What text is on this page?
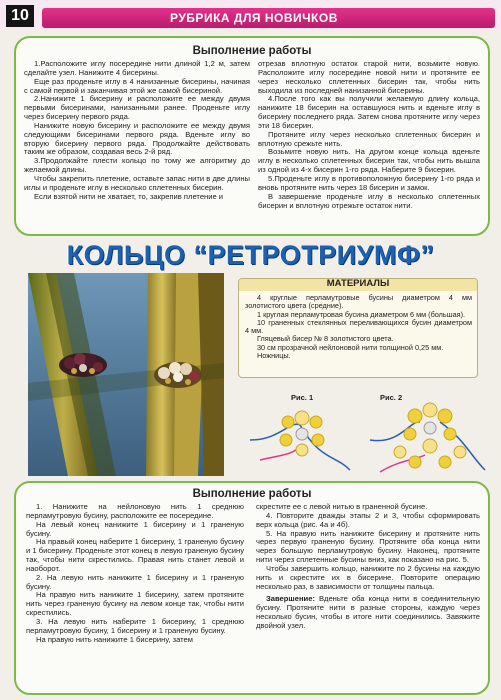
10	РУБРИКА ДЛЯ НОВИЧКОВ
Выполнение работы

1.Расположите иглу посередине нити длиной 1,2 м, затем сделайте узел. Нанижите 4 бисерины.

Еще раз проденьте иглу в 4 нанизанные бисерины, начиная с самой первой и заканчивая этой же самой бисериной.

2.Нанижите 1 бисерину и расположите ее между двумя первыми бисеринами, нанизанными ранее. Проденьте иглу через бисерину первого ряда.

Нанижите новую бисерину и расположите ее между двумя следующими бисеринами первого ряда. Вденьте иглу во вторую бисерину первого ряда. Продолжайте действовать таким же образом, создавая весь 2-й ряд.

3.Продолжайте плести кольцо по тому же алгоритму до желаемой длины.

Чтобы закрепить плетение, оставьте запас нити в две длины иглы и проденьте иглу в несколько сплетенных бисерин.

Если взятой нити не хватает, то, закрепив плетение и

отрезав вплотную остаток старой нити, возьмите новую. Расположите иглу посередине новой нити и протяните ее через несколько сплетенных бисерин так, чтобы нить выходила из последней нанизанной бисерины.

4.После того как вы получили желаемую длину кольца, нанижите 18 бисерин на оставшуюся нить и вденьте иглу в бисерину последнего ряда. Затем снова протяните иглу через эти 18 бисерин.

Протяните иглу через несколько сплетенных бисерин и вплотную срежьте нить.

Возьмите новую нить. На другом конце кольца вденьте иглу в несколько сплетенных бисерин так, чтобы нить вышла из одной из 4-х бисерин 1-го ряда. Наберите 9 бисерин.

5.Проденьте иглу в противоположную бисерину 1-го ряда и вновь протяните нить через 18 бисерин и замок.

В завершение проденьте иглу в несколько сплетенных бисерин и вплотную отрежьте остаток нити.

КОЛЬЦО “РЕТРОТРИУМФ”
МАТЕРИАЛЫ

4 круглые перламутровые бусины диаметром 4 мм золотистого цвета (средние).

1 круглая перламутровая бусина диаметром 6 мм (большая).

10 граненных стеклянных переливающихся бусин диаметром 4 мм.

Гляцевый бисер № 8 золотистого цвета.

30 см прозрачной нейлоновой нити толщиной 0,25 мм.

Ножницы.

Рис. 1	Рис. 2
Выполнение работы

1. Нанижите на нейлоновую нить 1 среднюю перламутровую бусину, расположите ее посередине.

На левый конец нанижите 1 бисерину и 1 граненую бусину.

На правый конец наберите 1 бисерину, 1 граненую бусину и 1 бисерину. Проденьте этот конец в левую граненую бусину так, чтобы нити скрестились. Правая нить станет левой и наоборот.

2. На левую нить нанижите 1 бисерину и 1 граненую бусину.

На правую нить нанижите 1 бисерину, затем протяните нить через граненую бусину на левом конце так, чтобы нити скрестились.

3. На левую нить наберите 1 бисерину, 1 среднюю перламутровую бусину, 1 бисерину и 1 граненую бусину.

На правую нить нанижите 1 бисерину, затем

скрестите ее с левой нитью в граненной бусине.

4. Повторите дважды этапы 2 и 3, чтобы сформировать верх кольца (рис. 4а и 4б).

5. На правую нить нанижите бисерину и протяните нить через первую граненую бусину. Протяните оба конца нити через большую перламутровую бусину. Наконец, протяните нити через сплетенные бусины вниз, как показано на рис. 5.

Чтобы завершить кольцо, нанижите по 2 бусины на каждую нить и скрестите их в бисерине. Повторите операцию несколько раз, в зависимости от толщины пальца.

Завершение: Вденьте оба конца нити в соединительную бусину. Протяните нити в разные стороны, каждую через несколько бусин, чтобы в итоге нити соединились. Завяжите двойной узел.
